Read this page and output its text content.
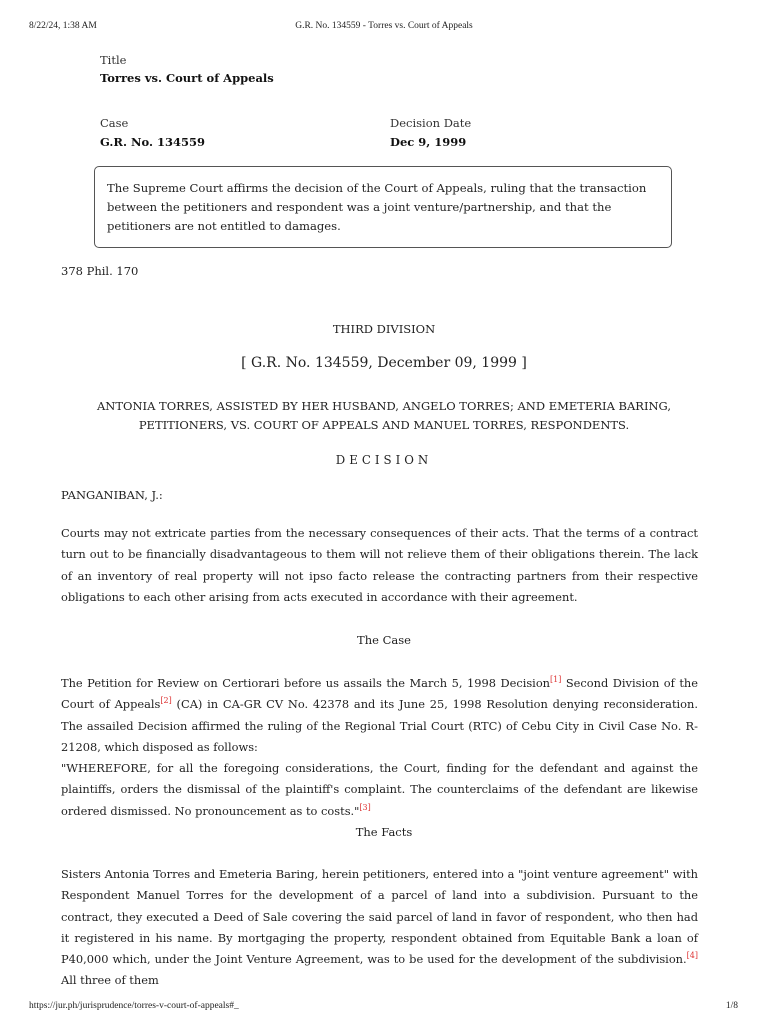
8/22/24, 1:38 AM	G.R. No. 134559 - Torres vs. Court of Appeals
Title
Torres vs. Court of Appeals
Case
G.R. No. 134559
Decision Date
Dec 9, 1999
The Supreme Court affirms the decision of the Court of Appeals, ruling that the transaction between the petitioners and respondent was a joint venture/partnership, and that the petitioners are not entitled to damages.
378 Phil. 170
THIRD DIVISION
[ G.R. No. 134559, December 09, 1999 ]
ANTONIA TORRES, ASSISTED BY HER HUSBAND, ANGELO TORRES; AND EMETERIA BARING,
PETITIONERS, VS. COURT OF APPEALS AND MANUEL TORRES, RESPONDENTS.
DECISION
PANGANIBAN, J.:
Courts may not extricate parties from the necessary consequences of their acts. That the terms of a contract turn out to be financially disadvantageous to them will not relieve them of their obligations therein. The lack of an inventory of real property will not ipso facto release the contracting partners from their respective obligations to each other arising from acts executed in accordance with their agreement.
The Case
The Petition for Review on Certiorari before us assails the March 5, 1998 Decision[1] Second Division of the Court of Appeals[2] (CA) in CA-GR CV No. 42378 and its June 25, 1998 Resolution denying reconsideration. The assailed Decision affirmed the ruling of the Regional Trial Court (RTC) of Cebu City in Civil Case No. R-21208, which disposed as follows:
"WHEREFORE, for all the foregoing considerations, the Court, finding for the defendant and against the plaintiffs, orders the dismissal of the plaintiff's complaint. The counterclaims of the defendant are likewise ordered dismissed. No pronouncement as to costs."[3]
The Facts
Sisters Antonia Torres and Emeteria Baring, herein petitioners, entered into a "joint venture agreement" with Respondent Manuel Torres for the development of a parcel of land into a subdivision. Pursuant to the contract, they executed a Deed of Sale covering the said parcel of land in favor of respondent, who then had it registered in his name. By mortgaging the property, respondent obtained from Equitable Bank a loan of P40,000 which, under the Joint Venture Agreement, was to be used for the development of the subdivision.[4] All three of them
https://jur.ph/jurisprudence/torres-v-court-of-appeals#_	1/8
